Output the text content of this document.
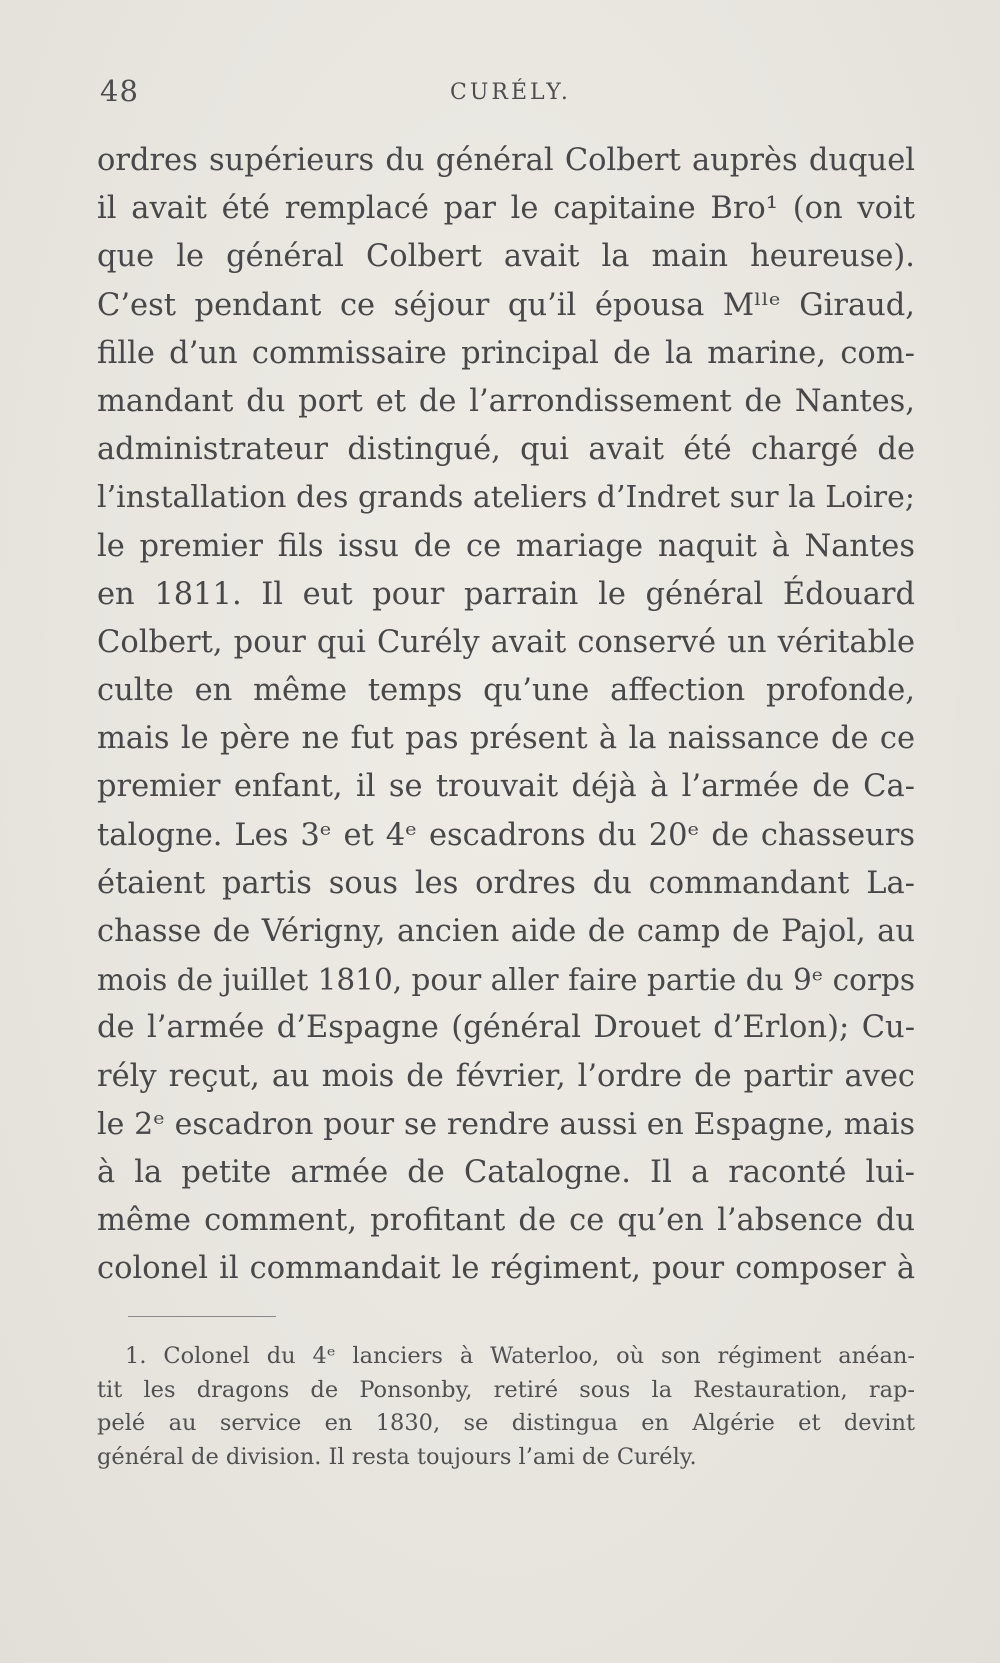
48	CURÉLY.
ordres supérieurs du général Colbert auprès duquel
il avait été remplacé par le capitaine Bro¹ (on voit
que le général Colbert avait la main heureuse).
C’est pendant ce séjour qu’il épousa Mˡˡᵉ Giraud,
fille d’un commissaire principal de la marine, com-
mandant du port et de l’arrondissement de Nantes,
administrateur distingué, qui avait été chargé de
l’installation des grands ateliers d’Indret sur la Loire;
le premier fils issu de ce mariage naquit à Nantes
en 1811. Il eut pour parrain le général Édouard
Colbert, pour qui Curély avait conservé un véritable
culte en même temps qu’une affection profonde,
mais le père ne fut pas présent à la naissance de ce
premier enfant, il se trouvait déjà à l’armée de Ca-
talogne. Les 3ᵉ et 4ᵉ escadrons du 20ᵉ de chasseurs
étaient partis sous les ordres du commandant La-
chasse de Vérigny, ancien aide de camp de Pajol, au
mois de juillet 1810, pour aller faire partie du 9ᵉ corps
de l’armée d’Espagne (général Drouet d’Erlon); Cu-
rély reçut, au mois de février, l’ordre de partir avec
le 2ᵉ escadron pour se rendre aussi en Espagne, mais
à la petite armée de Catalogne. Il a raconté lui-
même comment, profitant de ce qu’en l’absence du
colonel il commandait le régiment, pour composer à
1. Colonel du 4ᵉ lanciers à Waterloo, où son régiment anéan-
tit les dragons de Ponsonby, retiré sous la Restauration, rap-
pelé au service en 1830, se distingua en Algérie et devint
général de division. Il resta toujours l’ami de Curély.
